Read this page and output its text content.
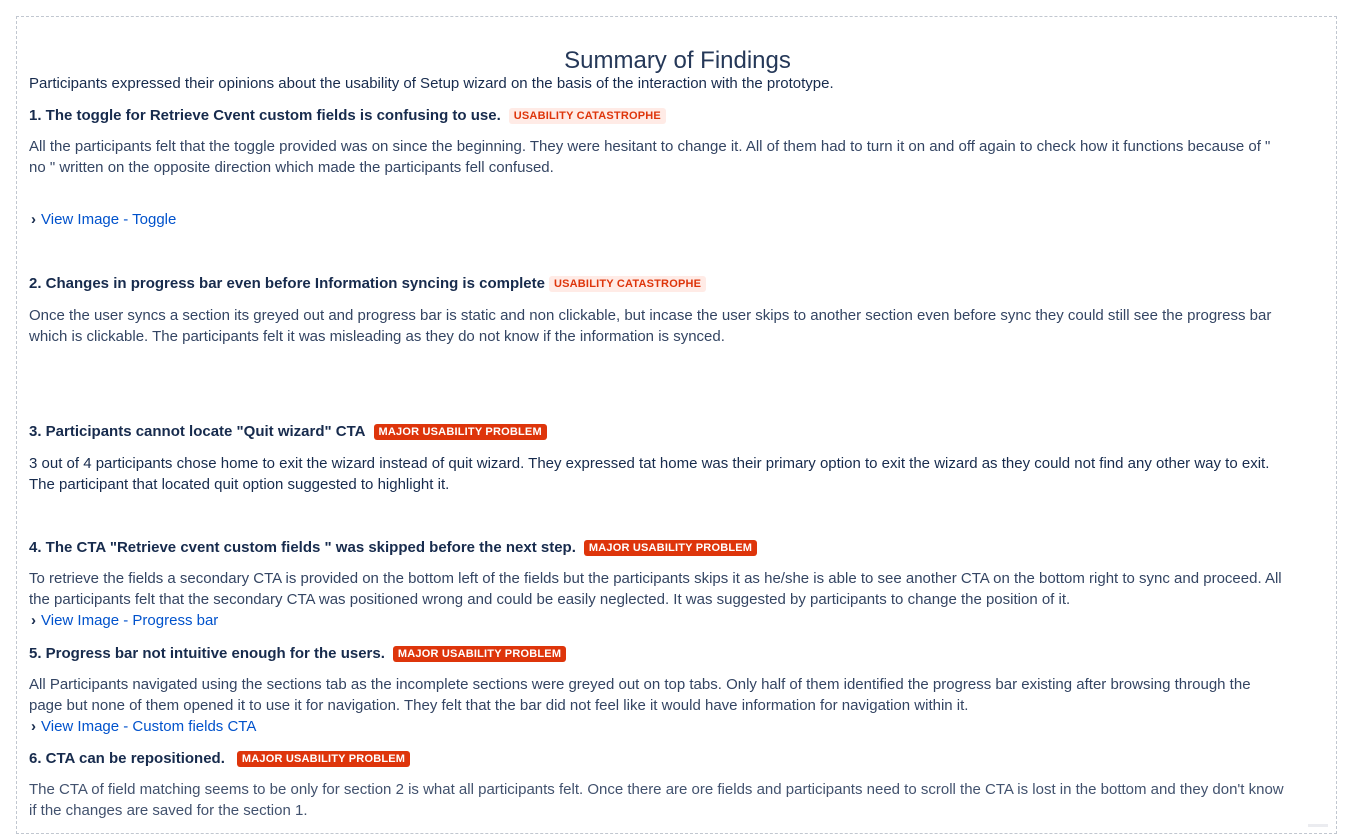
Summary of Findings
Participants expressed their opinions about the usability of Setup wizard on the basis of the interaction with the prototype.
1. The toggle for Retrieve Cvent custom fields is confusing to use. USABILITY CATASTROPHE
All the participants felt that the toggle provided was on since the beginning. They were hesitant to change it. All of them had to turn it on and off again to check how it functions because of "
no " written on the opposite direction which made the participants fell confused.
› View Image - Toggle
2. Changes in progress bar even before Information syncing is complete USABILITY CATASTROPHE
Once the user syncs a section its greyed out and progress bar is static and non clickable, but incase the user skips to another section even before sync they could still see the progress bar
which is clickable. The participants felt it was misleading as they do not know if the information is synced.
3. Participants cannot locate "Quit wizard" CTA MAJOR USABILITY PROBLEM
3 out of 4 participants chose home to exit the wizard instead of quit wizard. They expressed tat home was their primary option to exit the wizard as they could not find any other way to exit.
The participant that located quit option suggested to highlight it.
4. The CTA "Retrieve cvent custom fields " was skipped before the next step. MAJOR USABILITY PROBLEM
To retrieve the fields a secondary CTA is provided on the bottom left of the fields but the participants skips it as he/she is able to see another CTA on the bottom right to sync and proceed. All
the participants felt that the secondary CTA was positioned wrong and could be easily neglected. It was suggested by participants to change the position of it.
› View Image - Progress bar
5. Progress bar not intuitive enough for the users. MAJOR USABILITY PROBLEM
All Participants navigated using the sections tab as the incomplete sections were greyed out on top tabs. Only half of them identified the progress bar existing after browsing through the
page but none of them opened it to use it for navigation. They felt that the bar did not feel like it would have information for navigation within it.
› View Image - Custom fields CTA
6. CTA can be repositioned. MAJOR USABILITY PROBLEM
The CTA of field matching seems to be only for section 2 is what all participants felt. Once there are ore fields and participants need to scroll the CTA is lost in the bottom and they don't know
if the changes are saved for the section 1.
